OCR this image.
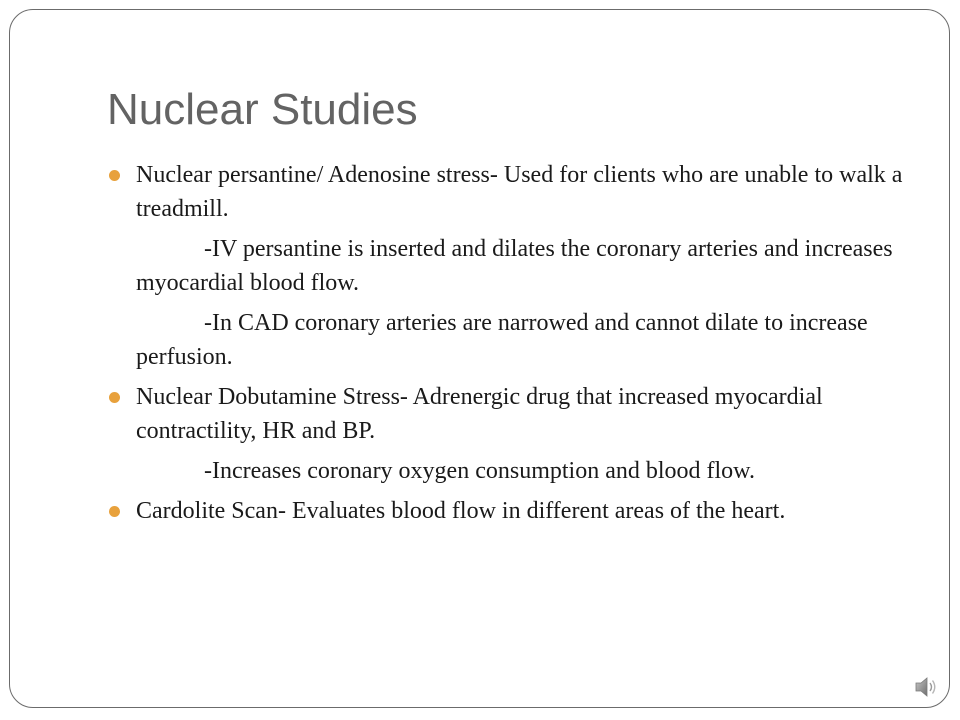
Nuclear Studies
Nuclear persantine/ Adenosine stress- Used for clients who are unable to walk a treadmill.
-IV persantine is inserted and dilates the coronary arteries and increases myocardial blood flow.
-In CAD coronary arteries are narrowed and cannot dilate to increase perfusion.
Nuclear Dobutamine Stress- Adrenergic drug that increased myocardial contractility, HR and BP.
-Increases coronary oxygen consumption and blood flow.
Cardolite Scan- Evaluates blood flow in different areas of the heart.
